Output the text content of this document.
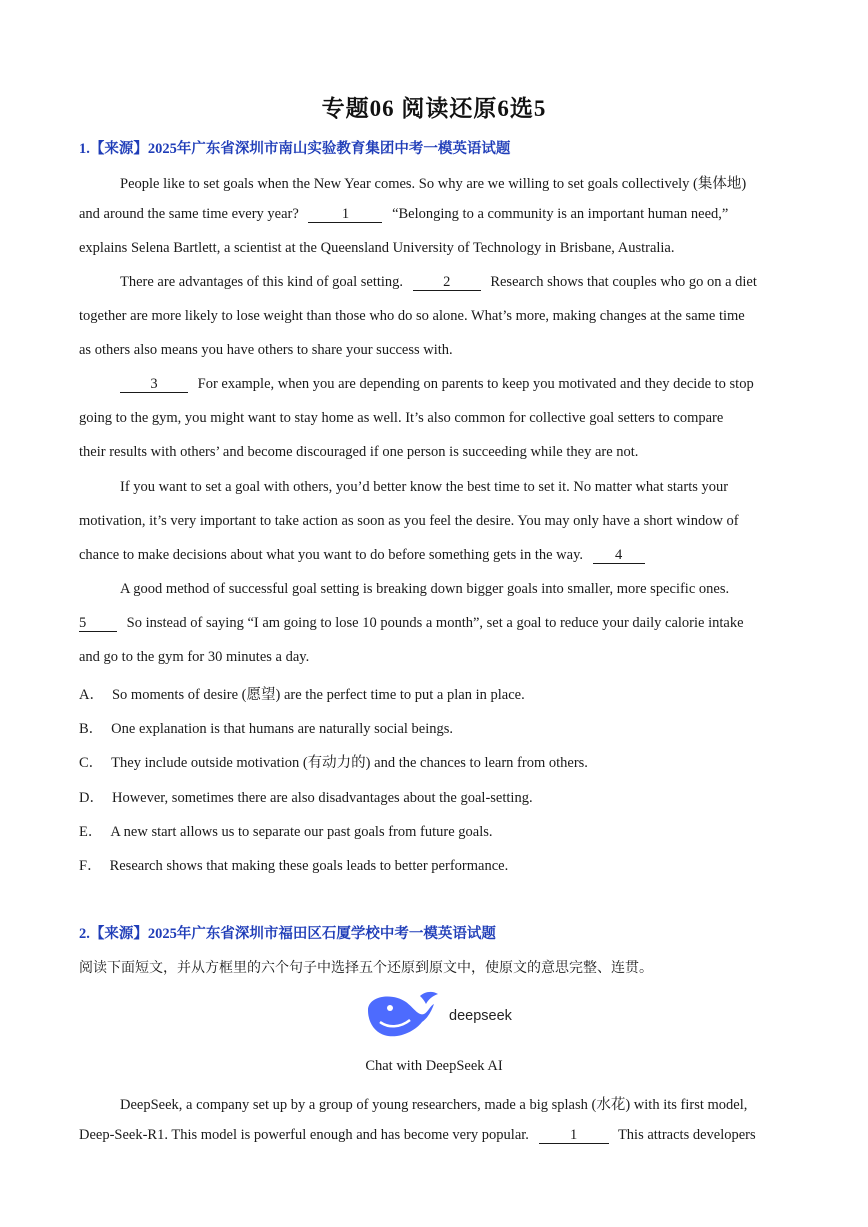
专题06 阅读还原6选5
1.【来源】2025年广东省深圳市南山实验教育集团中考一模英语试题
People like to set goals when the New Year comes. So why are we willing to set goals collectively (集体地)
and around the same time every year?	1	“Belonging to a community is an important human need,”
explains Selena Bartlett, a scientist at the Queensland University of Technology in Brisbane, Australia.
There are advantages of this kind of goal setting.	2	Research shows that couples who go on a diet
together are more likely to lose weight than those who do so alone. What’s more, making changes at the same time
as others also means you have others to share your success with.
3	For example, when you are depending on parents to keep you motivated and they decide to stop
going to the gym, you might want to stay home as well. It’s also common for collective goal setters to compare
their results with others’ and become discouraged if one person is succeeding while they are not.
If you want to set a goal with others, you’d better know the best time to set it. No matter what starts your
motivation, it’s very important to take action as soon as you feel the desire. You may only have a short window of
chance to make decisions about what you want to do before something gets in the way. 4
A good method of successful goal setting is breaking down bigger goals into smaller, more specific ones.
5	So instead of saying “I am going to lose 10 pounds a month”, set a goal to reduce your daily calorie intake
and go to the gym for 30 minutes a day.
A． So moments of desire (愿望) are the perfect time to put a plan in place.
B． One explanation is that humans are naturally social beings.
C． They include outside motivation (有动力的) and the chances to learn from others.
D． However, sometimes there are also disadvantages about the goal-setting.
E． A new start allows us to separate our past goals from future goals.
F． Research shows that making these goals leads to better performance.
2.【来源】2025年广东省深圳市福田区石厦学校中考一模英语试题
阅读下面短文，并从方框里的六个句子中选择五个还原到原文中，使原文的意思完整、连贯。
deepseek
Chat with DeepSeek AI
DeepSeek, a company set up by a group of young researchers, made a big splash (水花) with its first model,
Deep-Seek-R1. This model is powerful enough and has become very popular.	1	This attracts developers
